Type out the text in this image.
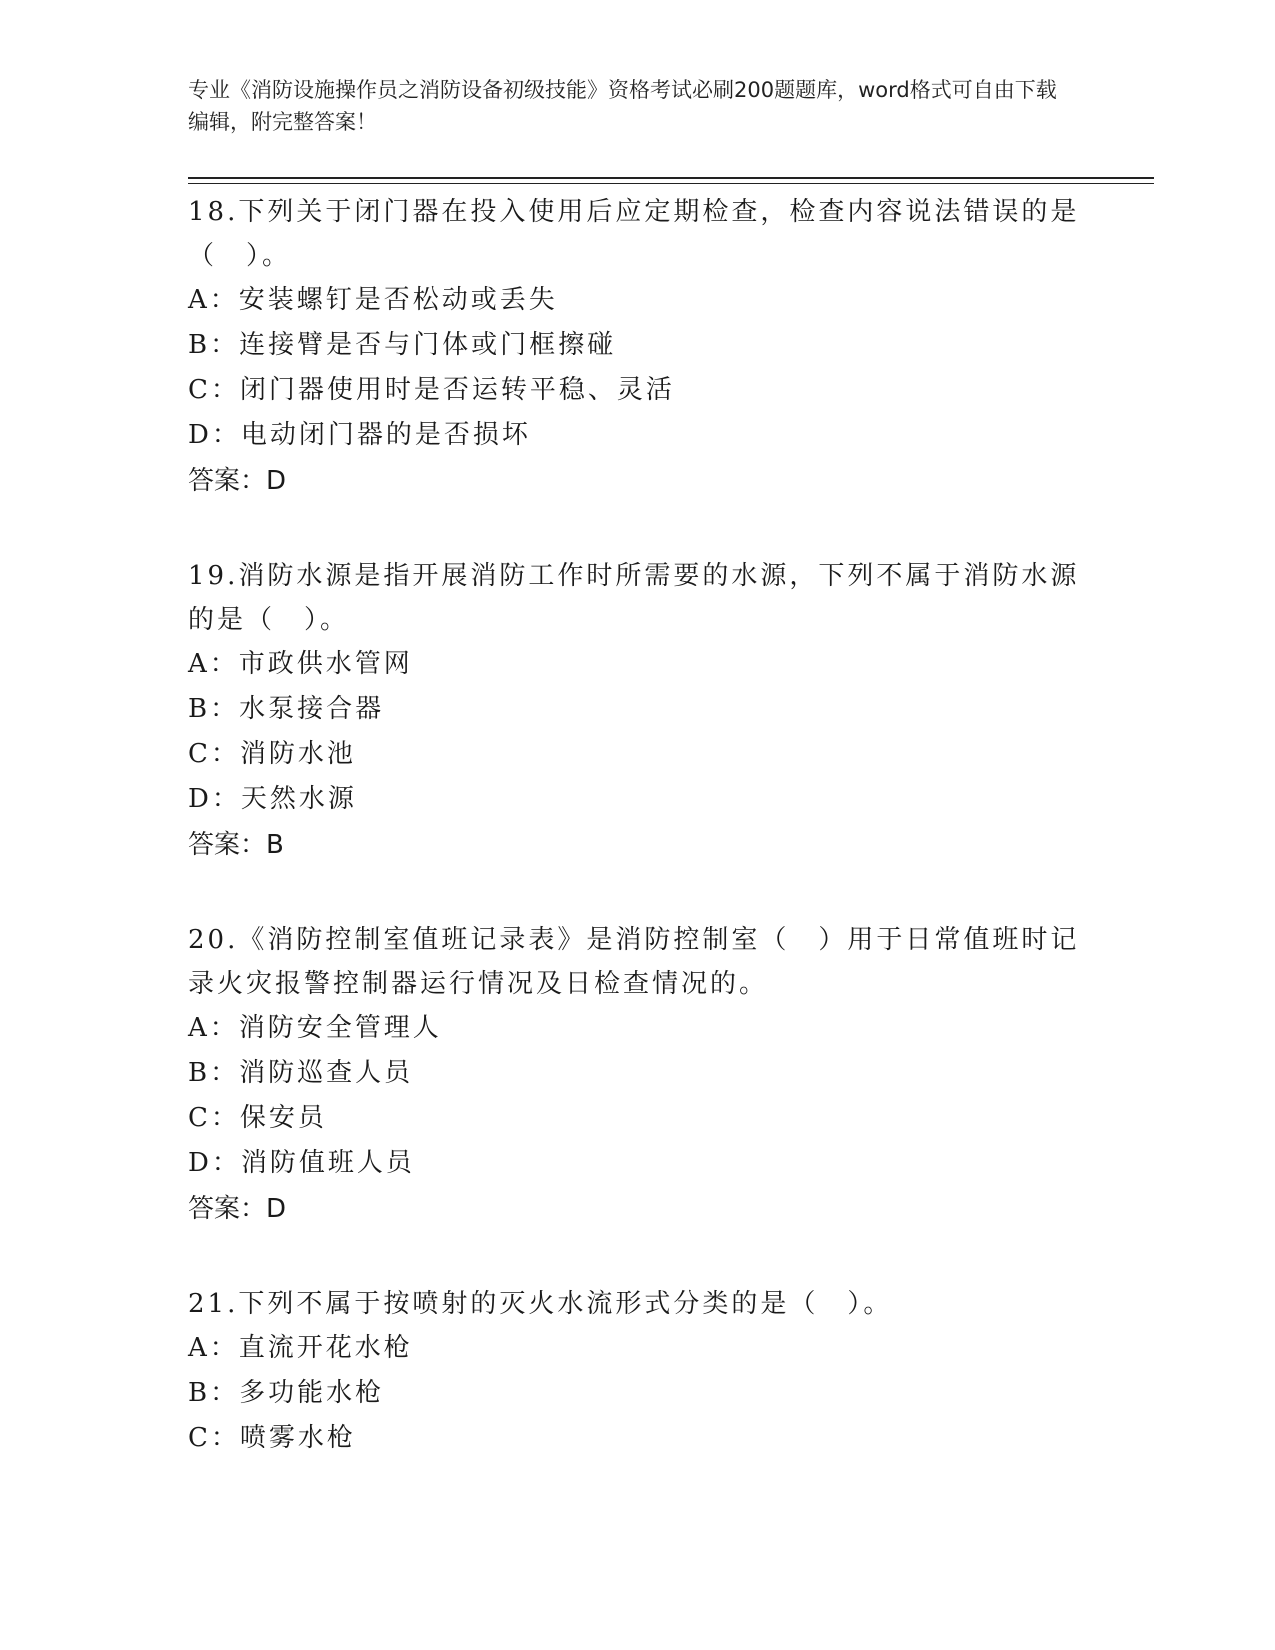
专业《消防设施操作员之消防设备初级技能》资格考试必刷200题题库，word格式可自由下载编辑，附完整答案！

18.下列关于闭门器在投入使用后应定期检查，检查内容说法错误的是（　）。

A：安装螺钉是否松动或丢失

B：连接臂是否与门体或门框擦碰

C：闭门器使用时是否运转平稳、灵活

D：电动闭门器的是否损坏

答案：D

19.消防水源是指开展消防工作时所需要的水源，下列不属于消防水源的是（　）。

A：市政供水管网

B：水泵接合器

C：消防水池

D：天然水源

答案：B

20.《消防控制室值班记录表》是消防控制室（　）用于日常值班时记录火灾报警控制器运行情况及日检查情况的。

A：消防安全管理人

B：消防巡查人员

C：保安员

D：消防值班人员

答案：D

21.下列不属于按喷射的灭火水流形式分类的是（　）。

A：直流开花水枪

B：多功能水枪

C：喷雾水枪
